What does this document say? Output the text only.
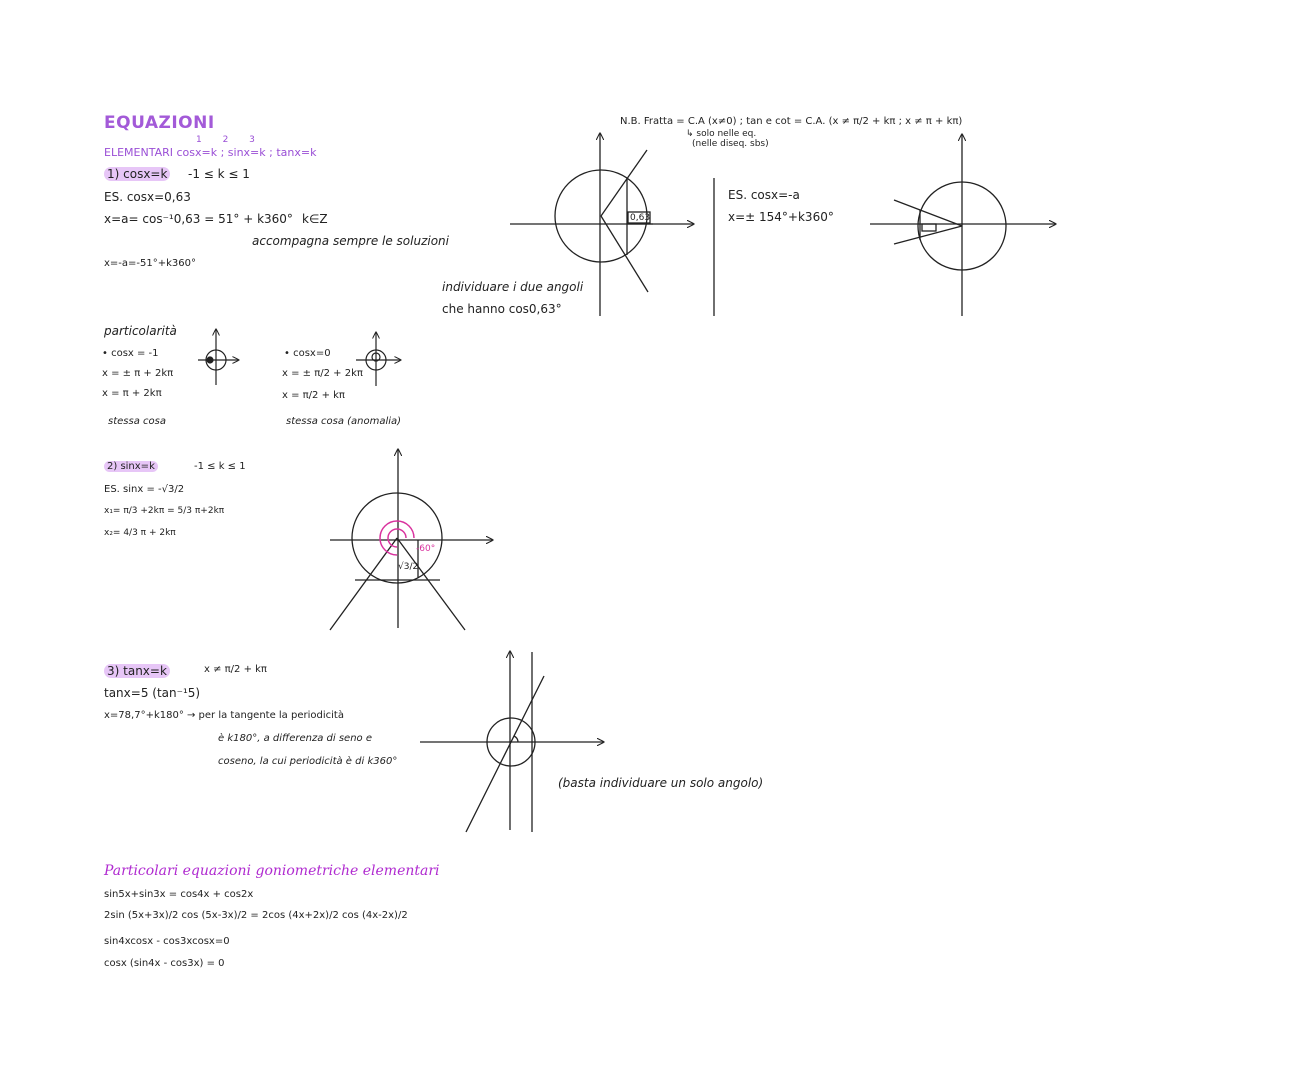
EQUAZIONI
1 2 3
ELEMENTARI cosx=k ; sinx=k ; tanx=k
N.B. Fratta = C.A (x≠0) ; tan e cot = C.A. (x ≠ π/2 + kπ ; x ≠ π + kπ)
↳ solo nelle eq.
(nelle diseq. sbs)
1) cosx=k -1 ≤ k ≤ 1
ES. cosx=0,63
x=a= cos⁻¹0,63 = 51° + k360° k∈Z
accompagna sempre le soluzioni
x=-a=-51°+k360°
individuare i due angoli
che hanno cos0,63°
0,63
ES. cosx=-a
x=± 154°+k360°
particolarità
• cosx = -1
x = ± π + 2kπ
x = π + 2kπ
stessa cosa
• cosx=0
x = ± π/2 + 2kπ
x = π/2 + kπ
stessa cosa (anomalia)
2) sinx=k	-1 ≤ k ≤ 1
ES. sinx = -√3/2
x₁= π/3 +2kπ = 5/3 π+2kπ
x₂= 4/3 π + 2kπ
-60°
√3/2
3) tanx=k	x ≠ π/2 + kπ
tanx=5 (tan⁻¹5)
x=78,7°+k180° → per la tangente la periodicità
è k180°, a differenza di seno e
coseno, la cui periodicità è di k360°
(basta individuare un solo angolo)
Particolari equazioni goniometriche elementari
sin5x+sin3x = cos4x + cos2x
2sin (5x+3x)/2 cos (5x-3x)/2 = 2cos (4x+2x)/2 cos (4x-2x)/2
sin4xcosx - cos3xcosx=0
cosx (sin4x - cos3x) = 0
